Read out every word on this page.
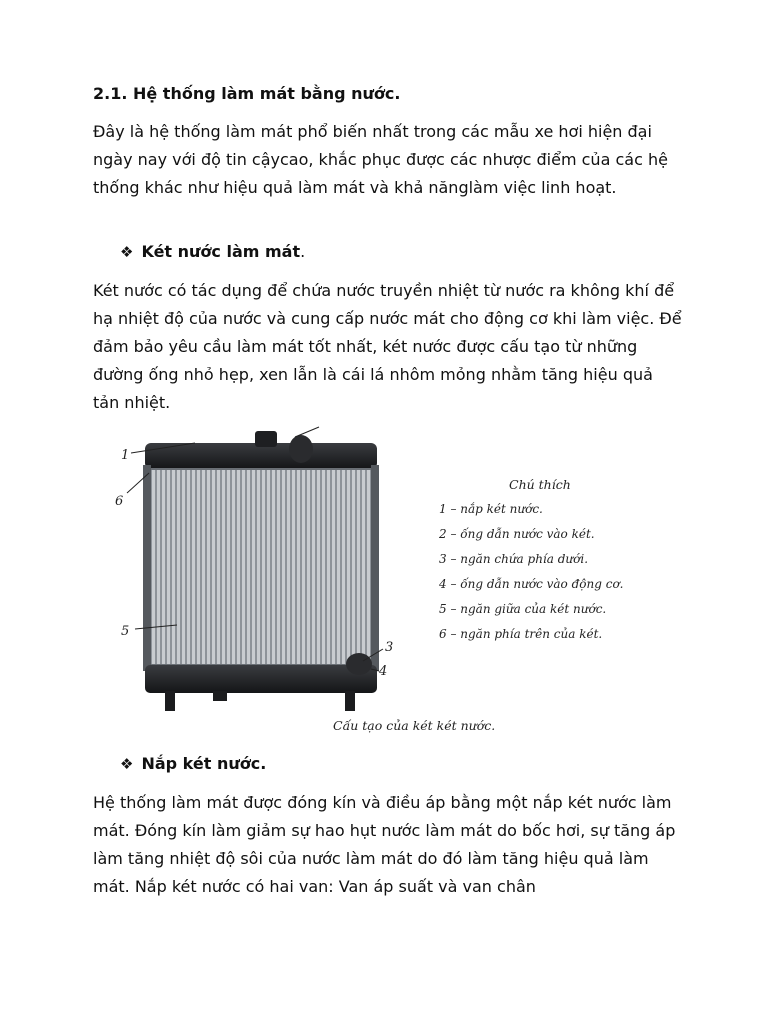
2.1. Hệ thống làm mát bằng nước.

Đây là hệ thống làm mát phổ biến nhất trong các mẫu xe hơi hiện đại ngày nay với độ tin cậycao, khắc phục được các nhược điểm của các hệ thống khác như hiệu quả làm mát và khả nănglàm việc linh hoạt.

❖ Két nước làm mát.

Két nước có tác dụng để chứa nước truyền nhiệt từ nước ra không khí để hạ nhiệt độ của nước và cung cấp nước mát cho động cơ khi làm việc. Để đảm bảo yêu cầu làm mát tốt nhất, két nước được cấu tạo từ những đường ống nhỏ hẹp, xen lẫn là cái lá nhôm mỏng nhằm tăng hiệu quả tản nhiệt.

1
6
5
3
4
Chú thích
1 – nắp két nước.
2 – ống dẫn nước vào két.
3 – ngăn chứa phía dưới.
4 – ống dẫn nước vào động cơ.
5 – ngăn giữa của két nước.
6 – ngăn phía trên của két.
Cấu tạo của két két nước.
❖ Nắp két nước.

Hệ thống làm mát được đóng kín và điều áp bằng một nắp két nước làm mát. Đóng kín làm giảm sự hao hụt nước làm mát do bốc hơi, sự tăng áp làm tăng nhiệt độ sôi của nước làm mát do đó làm tăng hiệu quả làm mát. Nắp két nước có hai van: Van áp suất và van chân
